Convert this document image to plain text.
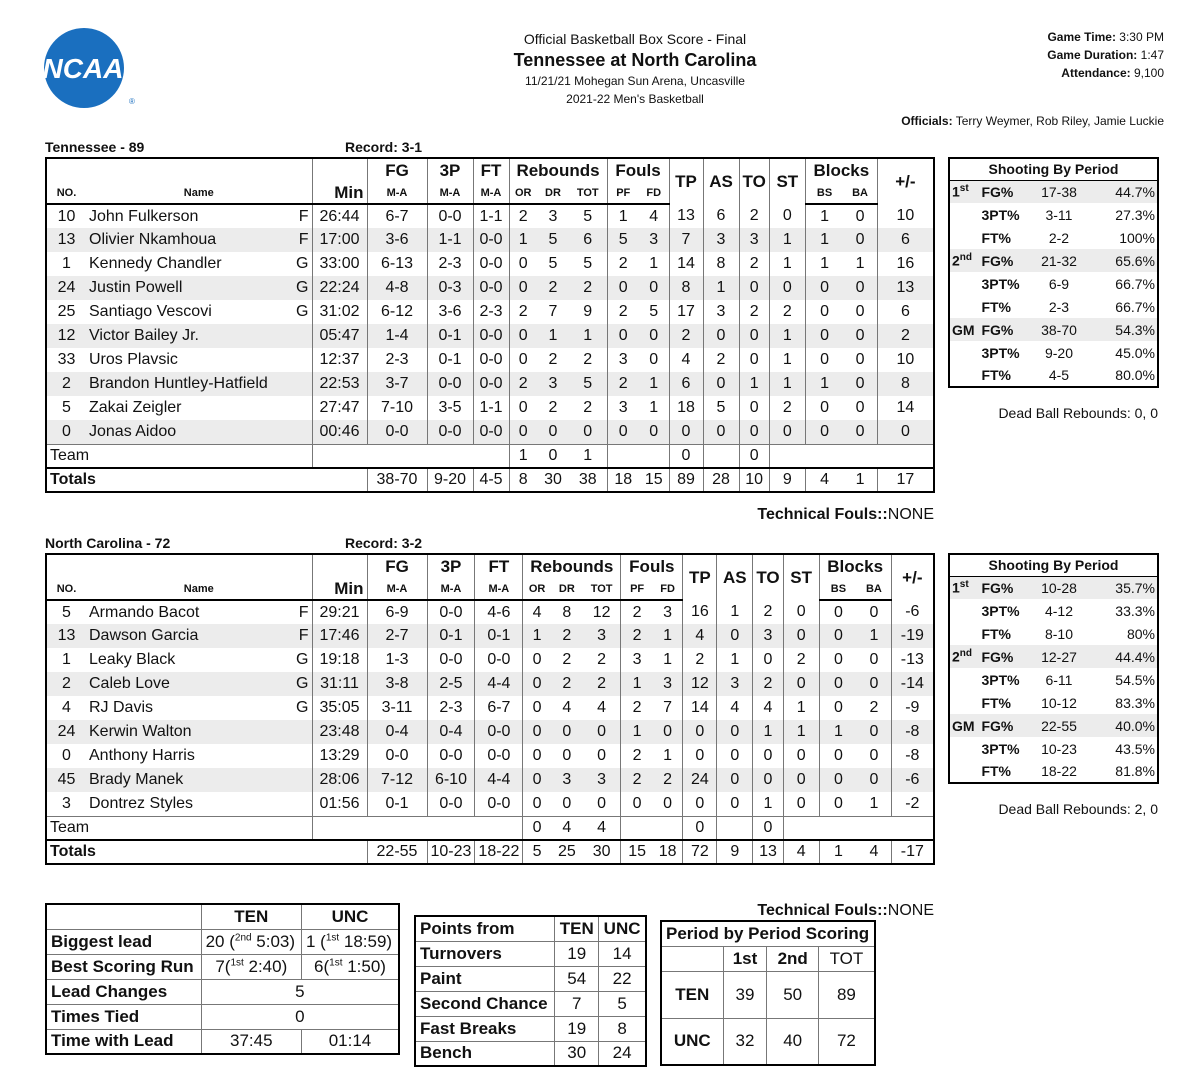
NCAA
®
Official Basketball Box Score - Final
Tennessee at North Carolina
11/21/21 Mohegan Sun Arena, Uncasville
2021-22 Men's Basketball
Game Time: 3:30 PM
Game Duration: 1:47
Attendance: 9,100
Officials: Terry Weymer, Rob Riley, Jamie Luckie
Tennessee - 89	Record: 3-1
			FG	3P	FT	Rebounds			Fouls		TP	AS	TO	ST	Blocks		+/-
NO.	Name	Min	M-A	M-A	M-A	OR	DR	TOT	PF	FD					BS	BA	
10	John Fulkerson F	26:44	6-7	0-0	1-1	2	3	5	1	4	13	6	2	0	1	0	10
13	Olivier Nkamhoua F	17:00	3-6	1-1	0-0	1	5	6	5	3	7	3	3	1	1	0	6
1	Kennedy Chandler G	33:00	6-13	2-3	0-0	0	5	5	2	1	14	8	2	1	1	1	16
24	Justin Powell G	22:24	4-8	0-3	0-0	0	2	2	0	0	8	1	0	0	0	0	13
25	Santiago Vescovi G	31:02	6-12	3-6	2-3	2	7	9	2	5	17	3	2	2	0	0	6
12	Victor Bailey Jr.	05:47	1-4	0-1	0-0	0	1	1	0	0	2	0	0	1	0	0	2
33	Uros Plavsic	12:37	2-3	0-1	0-0	0	2	2	3	0	4	2	0	1	0	0	10
2	Brandon Huntley-Hatfield	22:53	3-7	0-0	0-0	2	3	5	2	1	6	0	1	1	1	0	8
5	Zakai Zeigler	27:47	7-10	3-5	1-1	0	2	2	3	1	18	5	0	2	0	0	14
0	Jonas Aidoo	00:46	0-0	0-0	0-0	0	0	0	0	0	0	0	0	0	0	0	0
Team						1	0	1			0		0				
Totals			38-70	9-20	4-5	8	30	38	18	15	89	28	10	9	4	1	17
Technical Fouls::NONE
Shooting By Period			
1st	FG%	17-38	44.7%
	3PT%	3-11	27.3%
	FT%	2-2	100%
2nd	FG%	21-32	65.6%
	3PT%	6-9	66.7%
	FT%	2-3	66.7%
GM	FG%	38-70	54.3%
	3PT%	9-20	45.0%
	FT%	4-5	80.0%
Dead Ball Rebounds: 0, 0
North Carolina - 72	Record: 3-2
			FG	3P	FT	Rebounds			Fouls		TP	AS	TO	ST	Blocks		+/-
NO.	Name	Min	M-A	M-A	M-A	OR	DR	TOT	PF	FD					BS	BA	
5	Armando Bacot F	29:21	6-9	0-0	4-6	4	8	12	2	3	16	1	2	0	0	0	-6
13	Dawson Garcia F	17:46	2-7	0-1	0-1	1	2	3	2	1	4	0	3	0	0	1	-19
1	Leaky Black G	19:18	1-3	0-0	0-0	0	2	2	3	1	2	1	0	2	0	0	-13
2	Caleb Love G	31:11	3-8	2-5	4-4	0	2	2	1	3	12	3	2	0	0	0	-14
4	RJ Davis G	35:05	3-11	2-3	6-7	0	4	4	2	7	14	4	4	1	0	2	-9
24	Kerwin Walton	23:48	0-4	0-4	0-0	0	0	0	1	0	0	0	1	1	1	0	-8
0	Anthony Harris	13:29	0-0	0-0	0-0	0	0	0	2	1	0	0	0	0	0	0	-8
45	Brady Manek	28:06	7-12	6-10	4-4	0	3	3	2	2	24	0	0	0	0	0	-6
3	Dontrez Styles	01:56	0-1	0-0	0-0	0	0	0	0	0	0	0	1	0	0	1	-2
Team						0	4	4			0		0				
Totals			22-55	10-23	18-22	5	25	30	15	18	72	9	13	4	1	4	-17
Technical Fouls::NONE
Shooting By Period			
1st	FG%	10-28	35.7%
	3PT%	4-12	33.3%
	FT%	8-10	80%
2nd	FG%	12-27	44.4%
	3PT%	6-11	54.5%
	FT%	10-12	83.3%
GM	FG%	22-55	40.0%
	3PT%	10-23	43.5%
	FT%	18-22	81.8%
Dead Ball Rebounds: 2, 0
	TEN	UNC
Biggest lead	20 ($^{2nd}$ 5:03)	1 ($^{1st}$ 18:59)
Best Scoring Run	7($^{1st}$ 2:40)	6($^{1st}$ 1:50)
Lead Changes	5	
Times Tied	0	
Time with Lead	37:45	01:14
Points from	TEN	UNC
Turnovers	19	14
Paint	54	22
Second Chance	7	5
Fast Breaks	19	8
Bench	30	24
Period by Period Scoring			
	1st	2nd	TOT
TEN	39	50	89
UNC	32	40	72
